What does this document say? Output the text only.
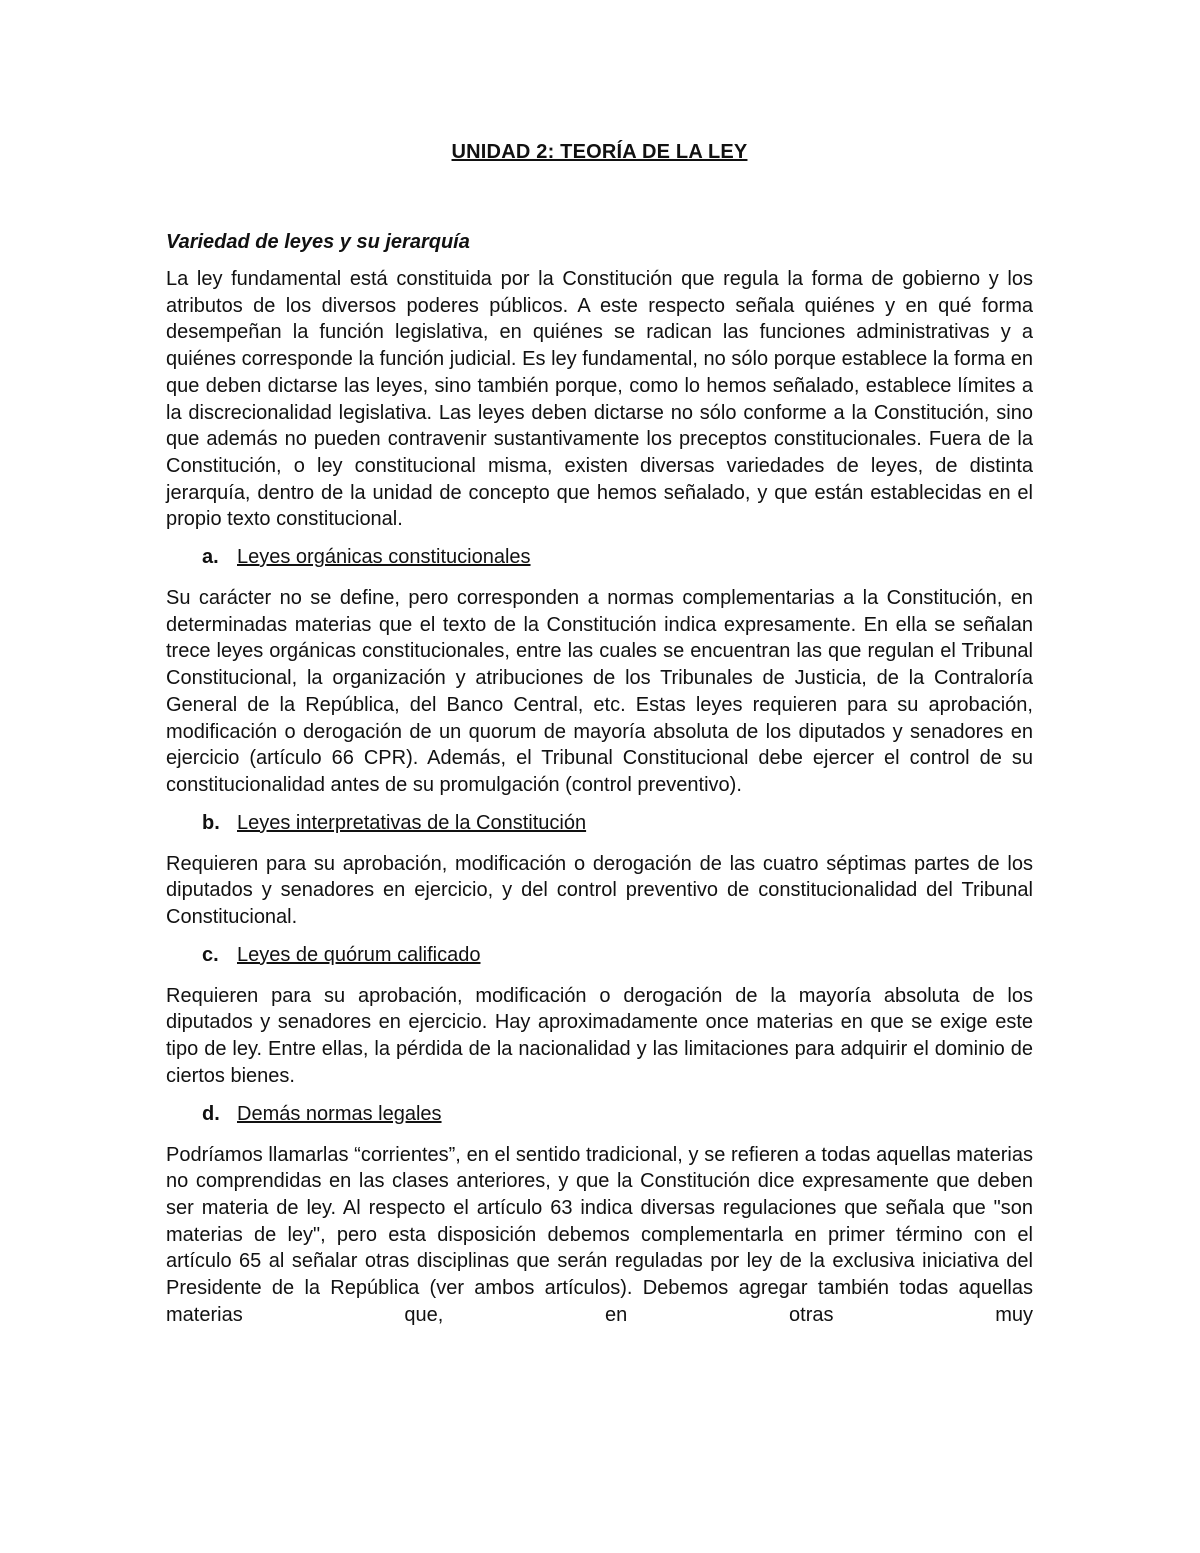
UNIDAD 2: TEORÍA DE LA LEY
Variedad de leyes y su jerarquía

La ley fundamental está constituida por la Constitución que regula la forma de gobierno y los atributos de los diversos poderes públicos. A este respecto señala quiénes y en qué forma desempeñan la función legislativa, en quiénes se radican las funciones administrativas y a quiénes corresponde la función judicial. Es ley fundamental, no sólo porque establece la forma en que deben dictarse las leyes, sino también porque, como lo hemos señalado, establece límites a la discrecionalidad legislativa. Las leyes deben dictarse no sólo conforme a la Constitución, sino que además no pueden contravenir sustantivamente los preceptos constitucionales. Fuera de la Constitución, o ley constitucional misma, existen diversas variedades de leyes, de distinta jerarquía, dentro de la unidad de concepto que hemos señalado, y que están establecidas en el propio texto constitucional.

a. Leyes orgánicas constitucionales

Su carácter no se define, pero corresponden a normas complementarias a la Constitución, en determinadas materias que el texto de la Constitución indica expresamente. En ella se señalan trece leyes orgánicas constitucionales, entre las cuales se encuentran las que regulan el Tribunal Constitucional, la organización y atribuciones de los Tribunales de Justicia, de la Contraloría General de la República, del Banco Central, etc. Estas leyes requieren para su aprobación, modificación o derogación de un quorum de mayoría absoluta de los diputados y senadores en ejercicio (artículo 66 CPR). Además, el Tribunal Constitucional debe ejercer el control de su constitucionalidad antes de su promulgación (control preventivo).

b. Leyes interpretativas de la Constitución

Requieren para su aprobación, modificación o derogación de las cuatro séptimas partes de los diputados y senadores en ejercicio, y del control preventivo de constitucionalidad del Tribunal Constitucional.

c. Leyes de quórum calificado

Requieren para su aprobación, modificación o derogación de la mayoría absoluta de los diputados y senadores en ejercicio. Hay aproximadamente once materias en que se exige este tipo de ley. Entre ellas, la pérdida de la nacionalidad y las limitaciones para adquirir el dominio de ciertos bienes.

d. Demás normas legales

Podríamos llamarlas “corrientes”, en el sentido tradicional, y se refieren a todas aquellas materias no comprendidas en las clases anteriores, y que la Constitución dice expresamente que deben ser materia de ley. Al respecto el artículo 63 indica diversas regulaciones que señala que "son materias de ley", pero esta disposición debemos complementarla en primer término con el artículo 65 al señalar otras disciplinas que serán reguladas por ley de la exclusiva iniciativa del Presidente de la República (ver ambos artículos). Debemos agregar también todas aquellas materias que, en otras muy
